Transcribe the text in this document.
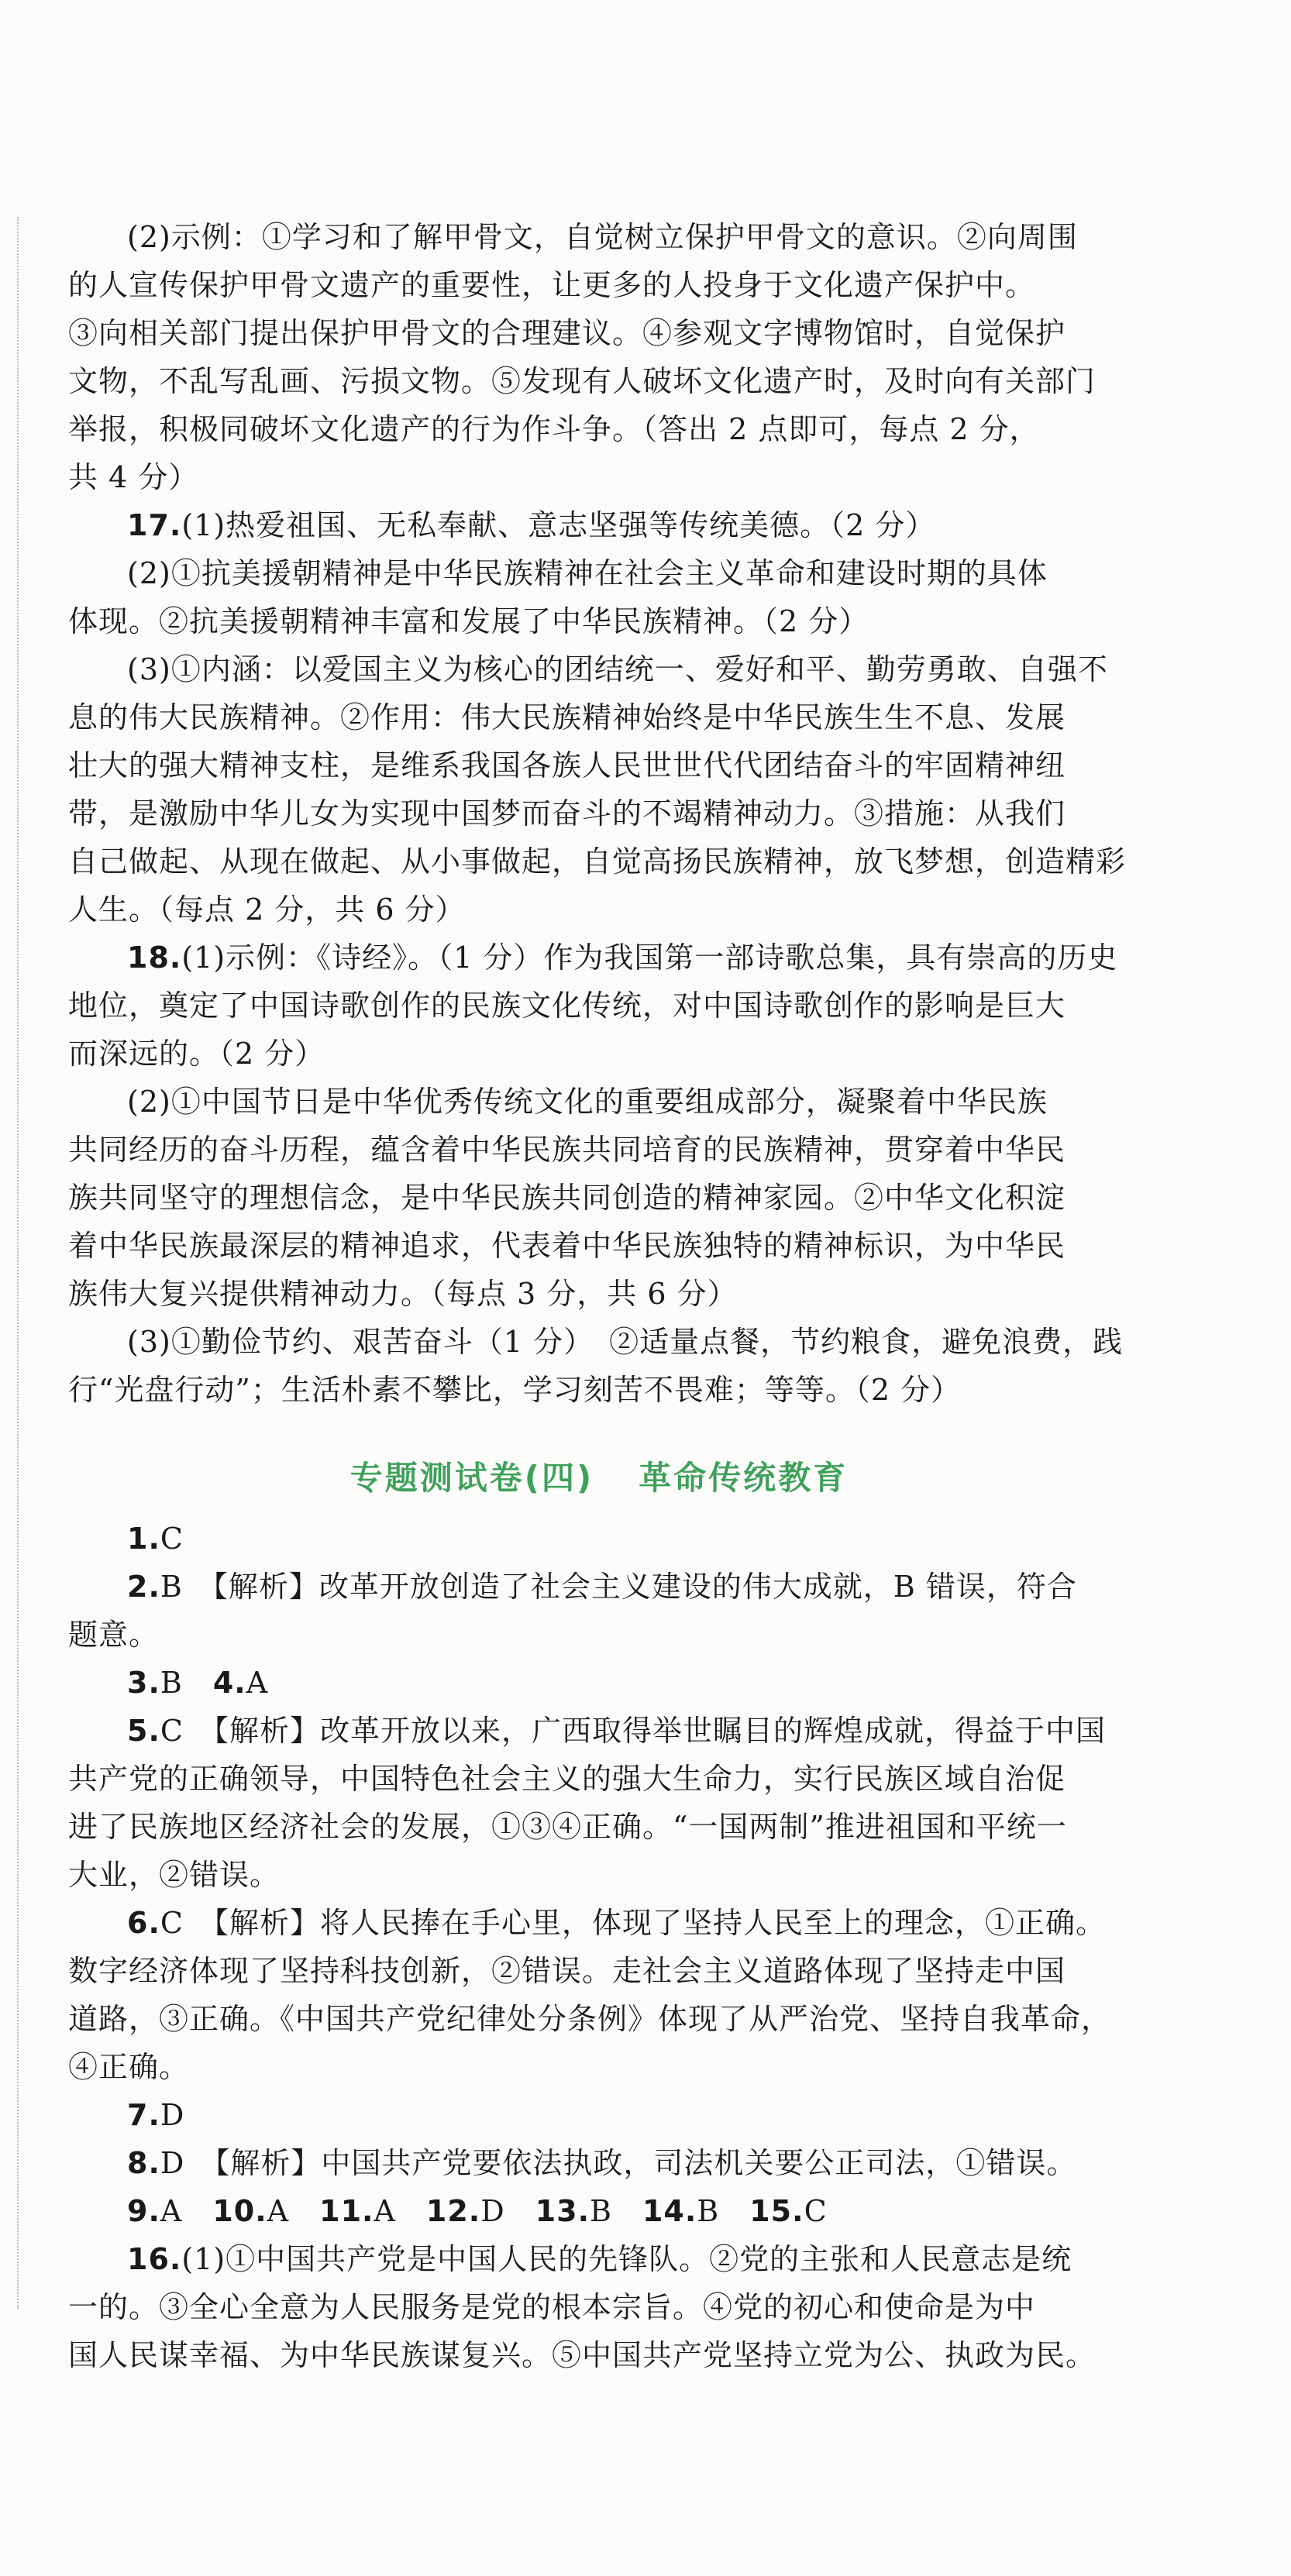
(2)示例：①学习和了解甲骨文，自觉树立保护甲骨文的意识。②向周围

的人宣传保护甲骨文遗产的重要性，让更多的人投身于文化遗产保护中。

③向相关部门提出保护甲骨文的合理建议。④参观文字博物馆时，自觉保护

文物，不乱写乱画、污损文物。⑤发现有人破坏文化遗产时，及时向有关部门

举报，积极同破坏文化遗产的行为作斗争。（答出 2 点即可，每点 2 分，

共 4 分）

17.(1)热爱祖国、无私奉献、意志坚强等传统美德。（2 分）

(2)①抗美援朝精神是中华民族精神在社会主义革命和建设时期的具体

体现。②抗美援朝精神丰富和发展了中华民族精神。（2 分）

(3)①内涵：以爱国主义为核心的团结统一、爱好和平、勤劳勇敢、自强不

息的伟大民族精神。②作用：伟大民族精神始终是中华民族生生不息、发展

壮大的强大精神支柱，是维系我国各族人民世世代代团结奋斗的牢固精神纽

带，是激励中华儿女为实现中国梦而奋斗的不竭精神动力。③措施：从我们

自己做起、从现在做起、从小事做起，自觉高扬民族精神，放飞梦想，创造精彩

人生。（每点 2 分，共 6 分）

18.(1)示例：《诗经》。（1 分）作为我国第一部诗歌总集，具有崇高的历史

地位，奠定了中国诗歌创作的民族文化传统，对中国诗歌创作的影响是巨大

而深远的。（2 分）

(2)①中国节日是中华优秀传统文化的重要组成部分，凝聚着中华民族

共同经历的奋斗历程，蕴含着中华民族共同培育的民族精神，贯穿着中华民

族共同坚守的理想信念，是中华民族共同创造的精神家园。②中华文化积淀

着中华民族最深层的精神追求，代表着中华民族独特的精神标识，为中华民

族伟大复兴提供精神动力。（每点 3 分，共 6 分）

(3)①勤俭节约、艰苦奋斗（1 分）　②适量点餐，节约粮食，避免浪费，践

行“光盘行动”；生活朴素不攀比，学习刻苦不畏难；等等。（2 分）

专题测试卷(四) 革命传统教育

1.C

2.B　【解析】改革开放创造了社会主义建设的伟大成就，B 错误，符合

题意。

3.B　4.A

5.C　【解析】改革开放以来，广西取得举世瞩目的辉煌成就，得益于中国

共产党的正确领导，中国特色社会主义的强大生命力，实行民族区域自治促

进了民族地区经济社会的发展，①③④正确。“一国两制”推进祖国和平统一

大业，②错误。

6.C　【解析】将人民捧在手心里，体现了坚持人民至上的理念，①正确。

数字经济体现了坚持科技创新，②错误。走社会主义道路体现了坚持走中国

道路，③正确。《中国共产党纪律处分条例》体现了从严治党、坚持自我革命，

④正确。

7.D

8.D　【解析】中国共产党要依法执政，司法机关要公正司法，①错误。

9.A　10.A　11.A　12.D　13.B　14.B　15.C

16.(1)①中国共产党是中国人民的先锋队。②党的主张和人民意志是统

一的。③全心全意为人民服务是党的根本宗旨。④党的初心和使命是为中

国人民谋幸福、为中华民族谋复兴。⑤中国共产党坚持立党为公、执政为民。
